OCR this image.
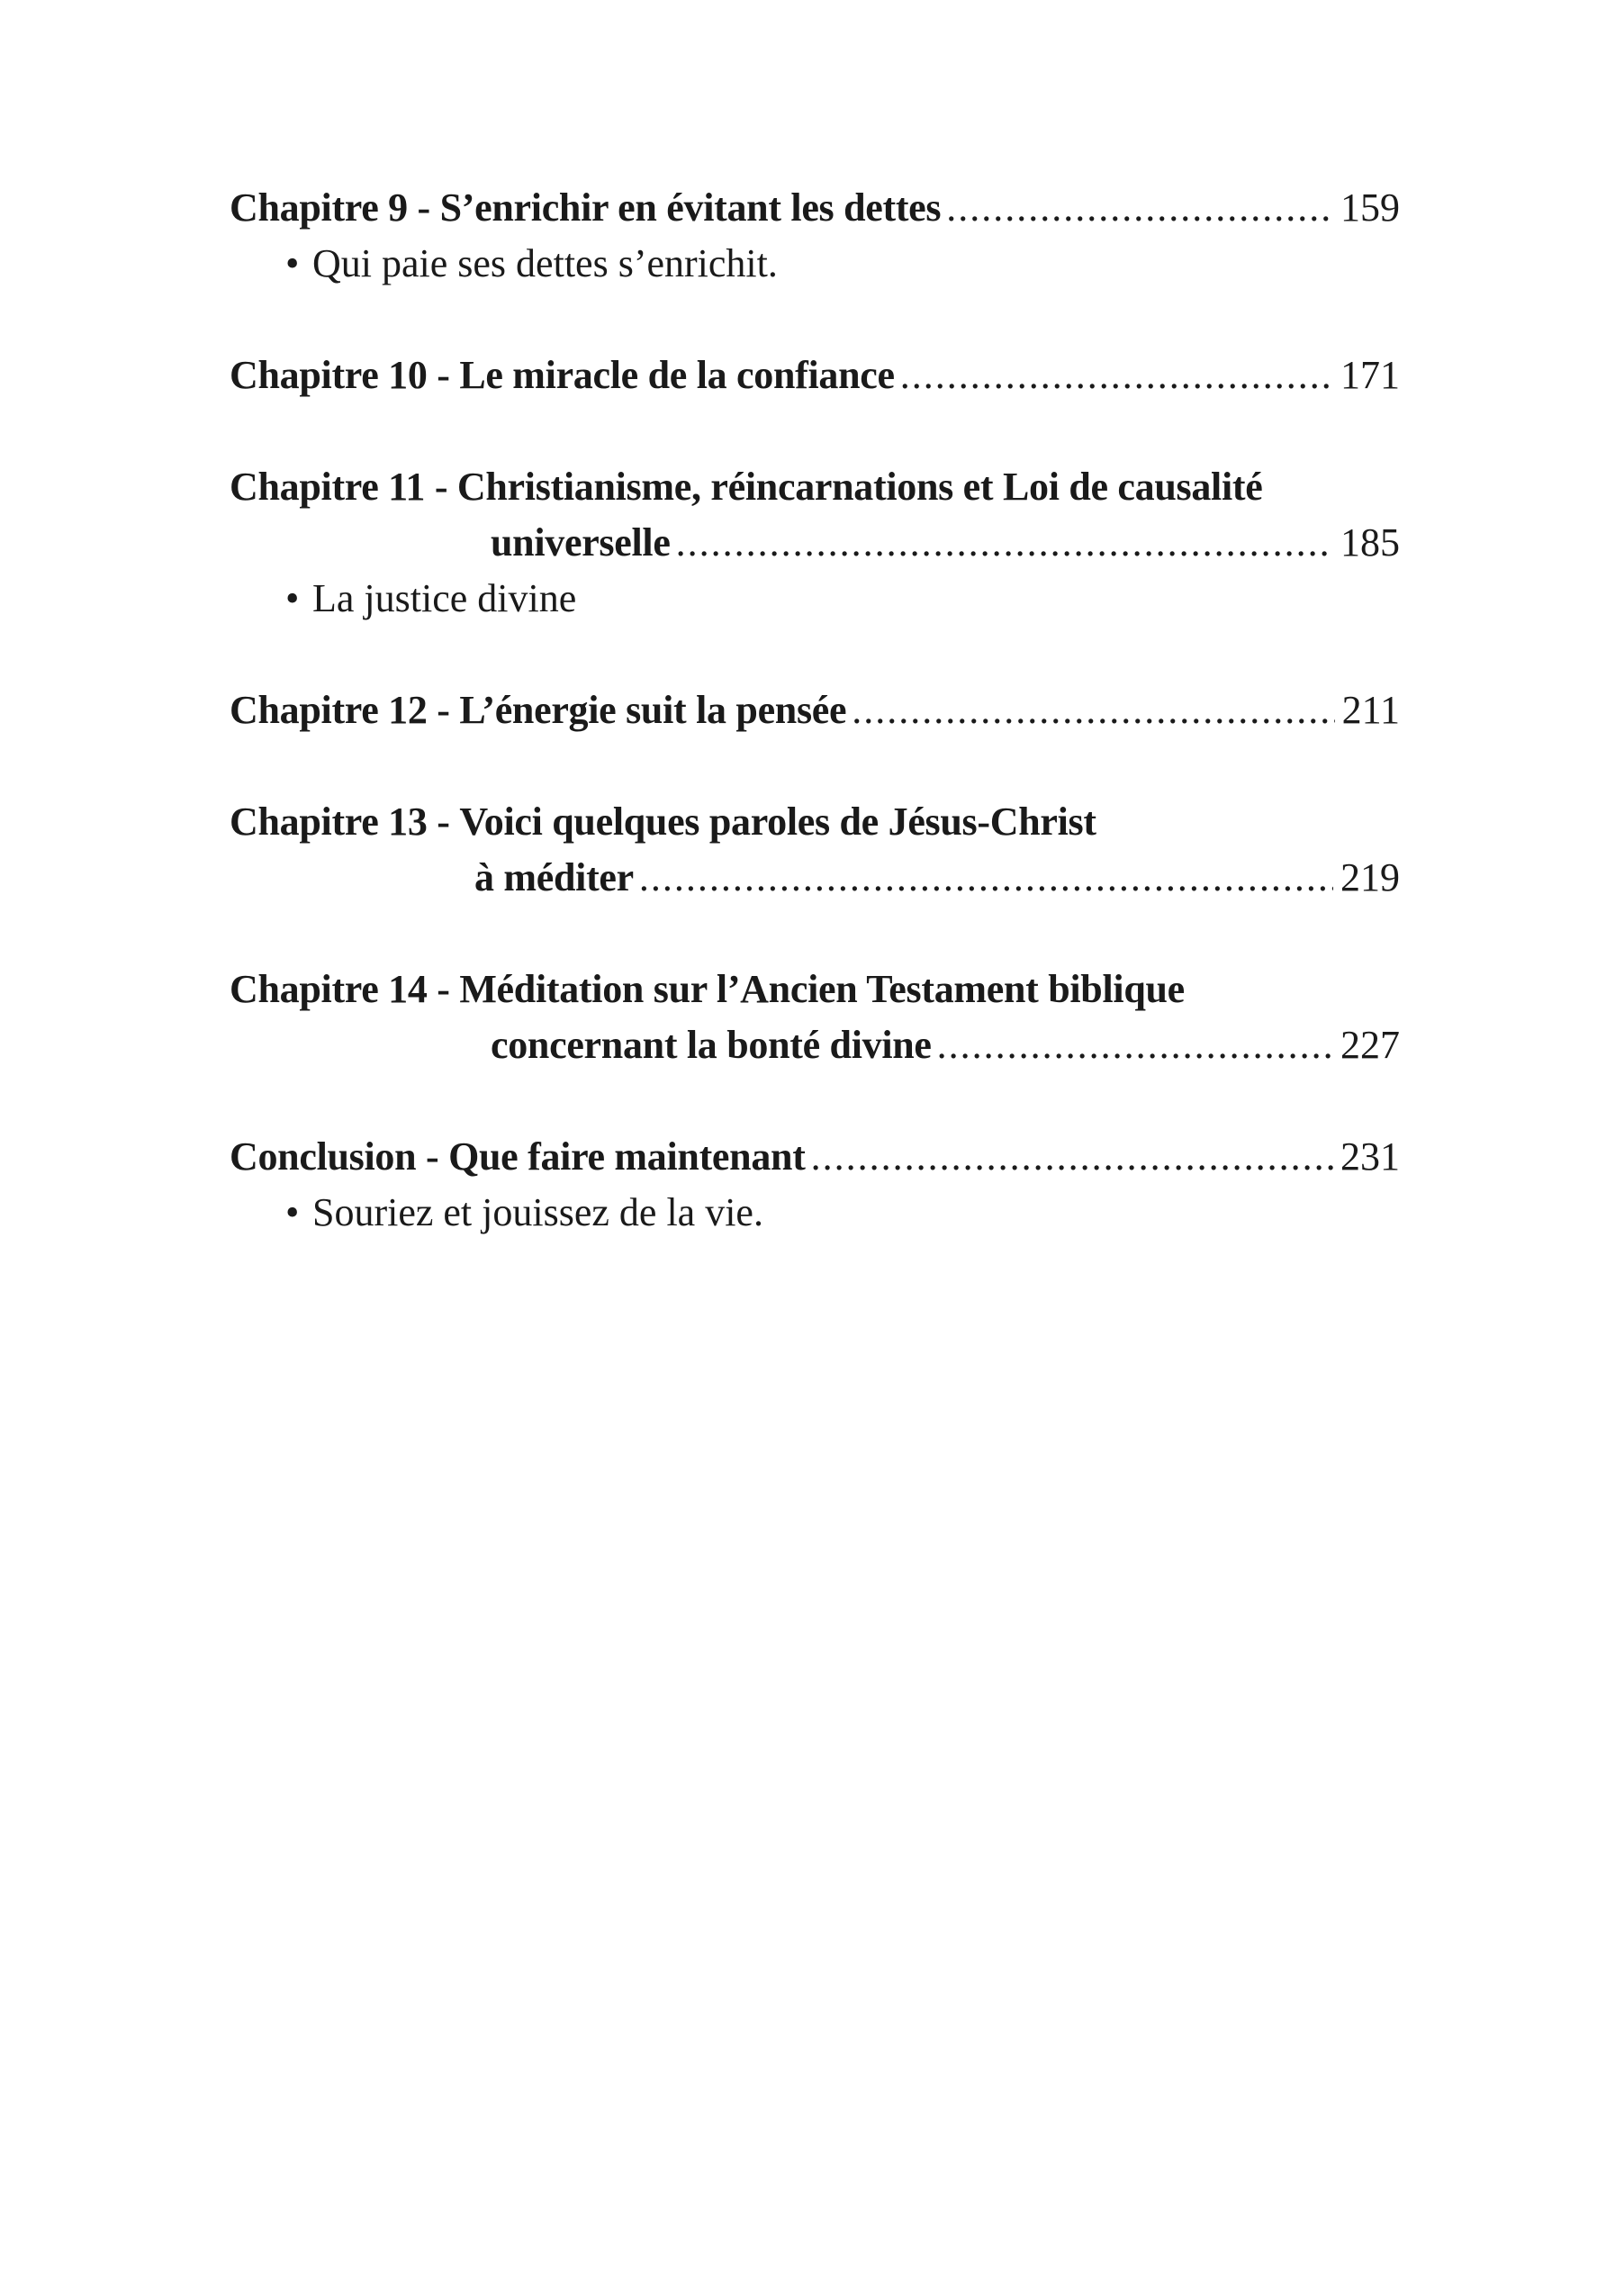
Chapitre 9 - S’enrichir en évitant les dettes .....	159
• Qui paie ses dettes s’enrichit.
Chapitre 10 - Le miracle de la confiance .....	171
Chapitre 11 - Christianisme, réincarnations et Loi de causalité
universelle .....	185
• La justice divine
Chapitre 12 - L’énergie suit la pensée .....	211
Chapitre 13 - Voici quelques paroles de Jésus-Christ
à méditer .....	219
Chapitre 14 - Méditation sur l’Ancien Testament biblique
concernant la bonté divine .....	227
Conclusion - Que faire maintenant .....	231
• Souriez et jouissez de la vie.
